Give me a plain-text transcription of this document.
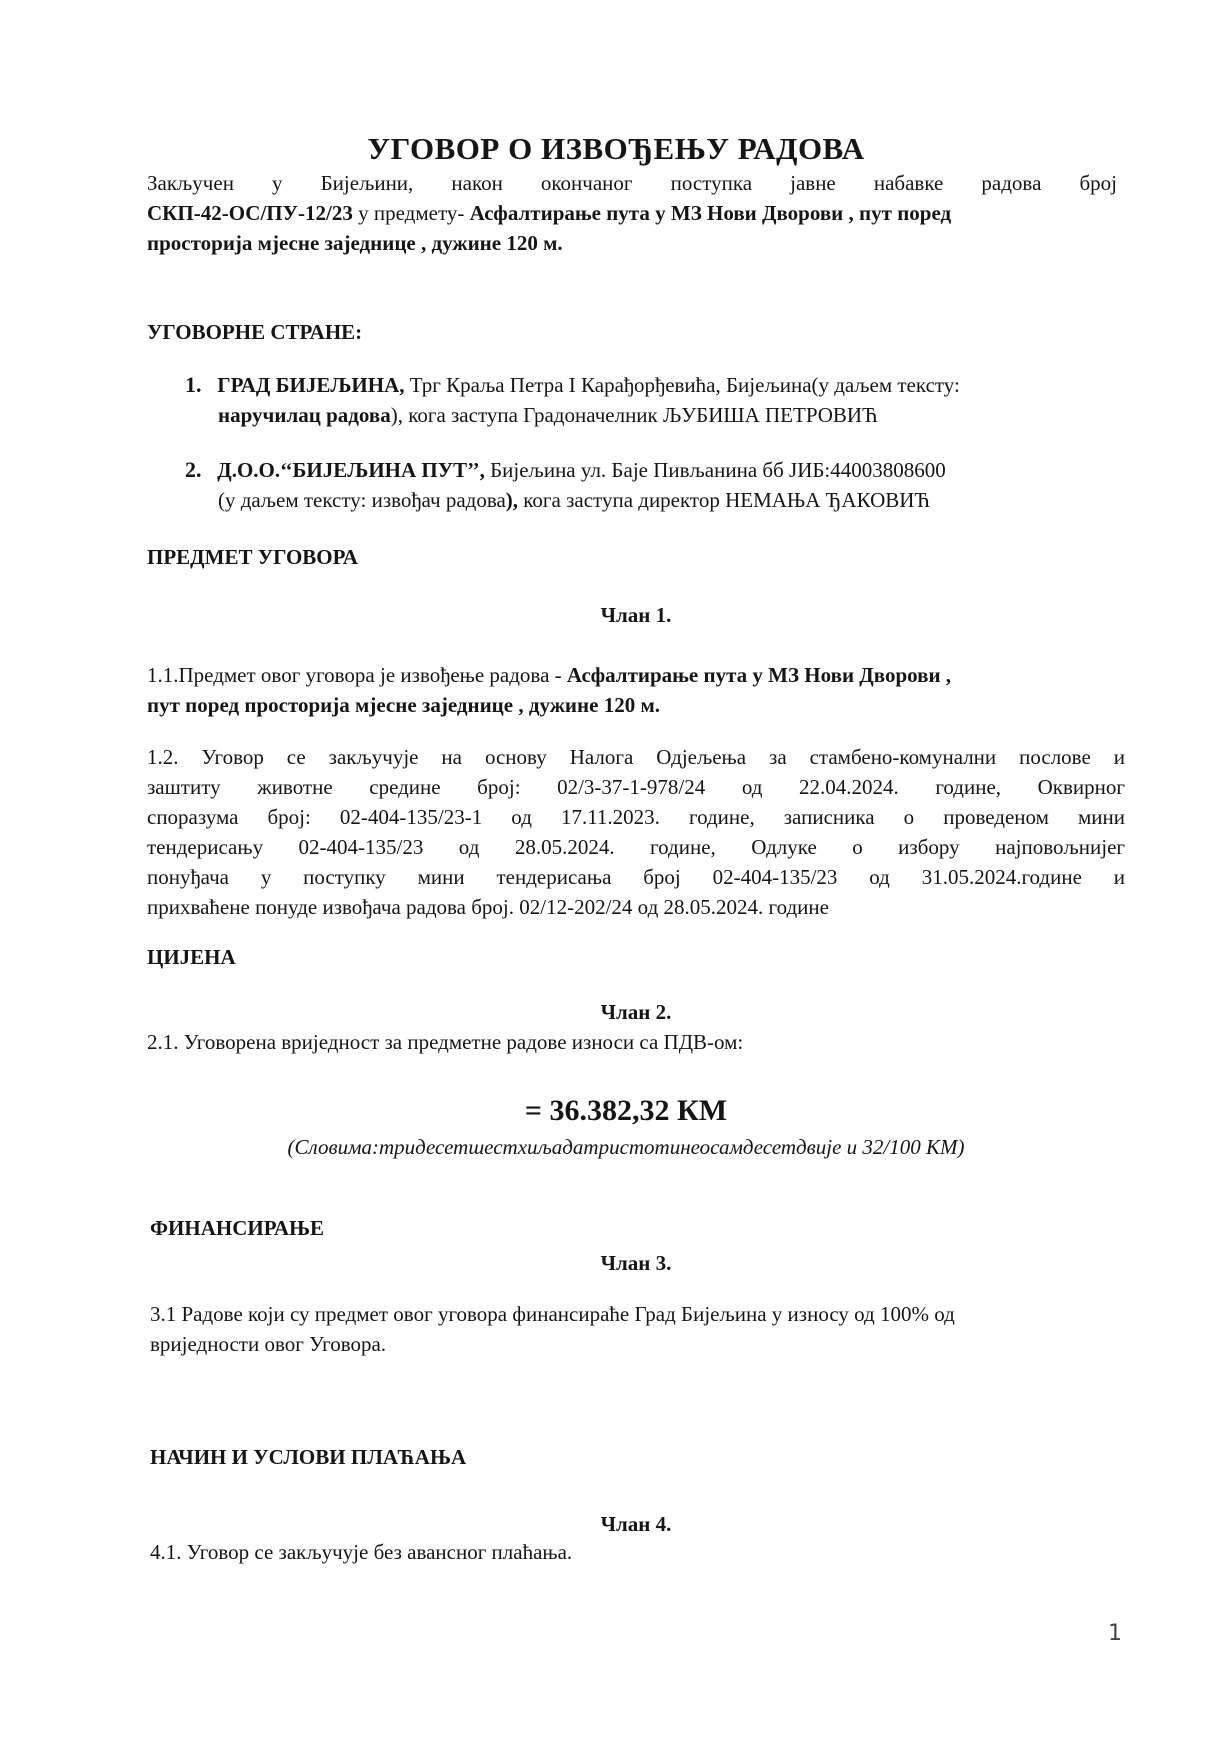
УГОВОР О ИЗВОЂЕЊУ РАДОВА
Закључен у Бијељини, након окончаног поступка јавне набавке радова број
СКП-42-ОС/ПУ-12/23 у предмету- Асфалтирање пута у МЗ Нови Дворови , пут поред
просторија мјесне заједнице , дужине 120 м.
УГОВОРНЕ СТРАНЕ:
1. ГРАД БИЈЕЉИНА, Трг Краља Петра I Карађорђевића, Бијељина(у даљем тексту:
наручилац радова), кога заступа Градоначелник ЉУБИША ПЕТРОВИЋ
2. Д.О.О.‘‘БИЈЕЉИНА ПУТ’’, Бијељина ул. Баје Пивљанина бб ЈИБ:44003808600
(у даљем тексту: извођач радова), кога заступа директор НЕМАЊА ЂАКОВИЋ
ПРЕДМЕТ УГОВОРА
Члан 1.
1.1.Предмет овог уговора је извођење радова - Асфалтирање пута у МЗ Нови Дворови ,
пут поред просторија мјесне заједнице , дужине 120 м.
1.2. Уговор се закључује на основу Налога Одјељења за стамбено-комунални послове и
заштиту животне средине број: 02/3-37-1-978/24 од 22.04.2024. године, Оквирног
споразума број: 02-404-135/23-1 од 17.11.2023. године, записника о проведеном мини
тендерисању 02-404-135/23 од 28.05.2024. године, Одлуке о избору најповољнијег
понуђача у поступку мини тендерисања број 02-404-135/23 од 31.05.2024.године и
прихваћене понуде извођача радова број. 02/12-202/24 од 28.05.2024. године
ЦИЈЕНА
Члан 2.
2.1. Уговорена вриједност за предметне радове износи са ПДВ-ом:
= 36.382,32 КМ
(Словима:тридесетшестхиљадатристотинеосамдесетдвије и 32/100 КМ)
ФИНАНСИРАЊЕ
Члан 3.
3.1 Радове који су предмет овог уговора финансираће Град Бијељина у износу од 100% од
вриједности овог Уговора.
НАЧИН И УСЛОВИ ПЛАЋАЊА
Члан 4.
4.1. Уговор се закључује без авансног плаћања.
1
